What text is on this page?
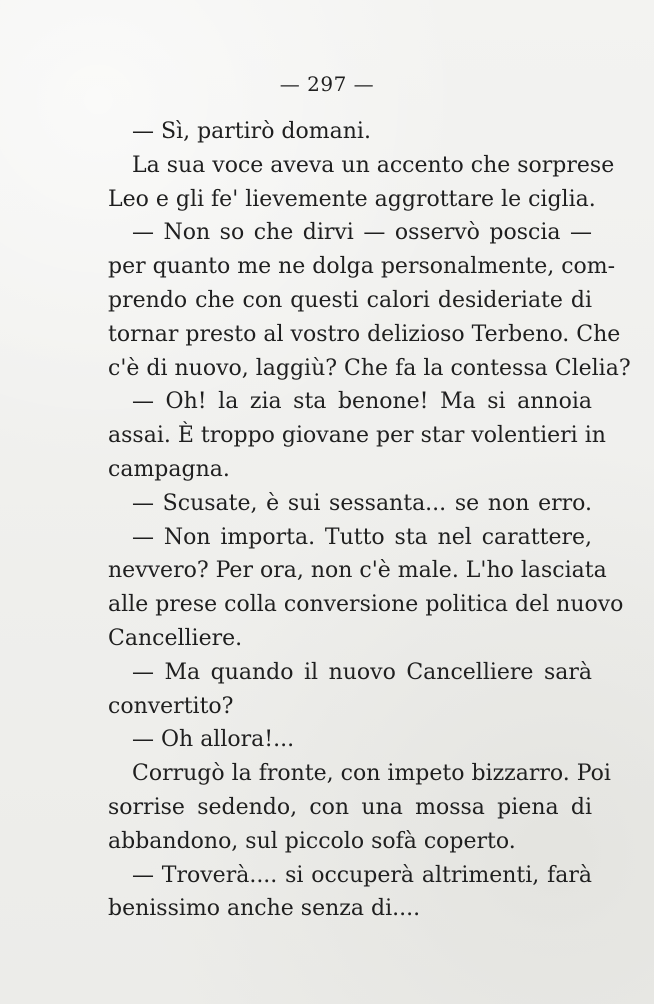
— 297 —
— Sì, partirò domani.
La sua voce aveva un accento che sorprese
Leo e gli fe' lievemente aggrottare le ciglia.
— Non so che dirvi — osservò poscia —
per quanto me ne dolga personalmente, com-
prendo che con questi calori desideriate di
tornar presto al vostro delizioso Terbeno. Che
c'è di nuovo, laggiù? Che fa la contessa Clelia?
— Oh! la zia sta benone! Ma si annoia
assai. È troppo giovane per star volentieri in
campagna.
— Scusate, è sui sessanta... se non erro.
— Non importa. Tutto sta nel carattere,
nevvero? Per ora, non c'è male. L'ho lasciata
alle prese colla conversione politica del nuovo
Cancelliere.
— Ma quando il nuovo Cancelliere sarà
convertito?
— Oh allora!...
Corrugò la fronte, con impeto bizzarro. Poi
sorrise sedendo, con una mossa piena di
abbandono, sul piccolo sofà coperto.
— Troverà.... si occuperà altrimenti, farà
benissimo anche senza di....
